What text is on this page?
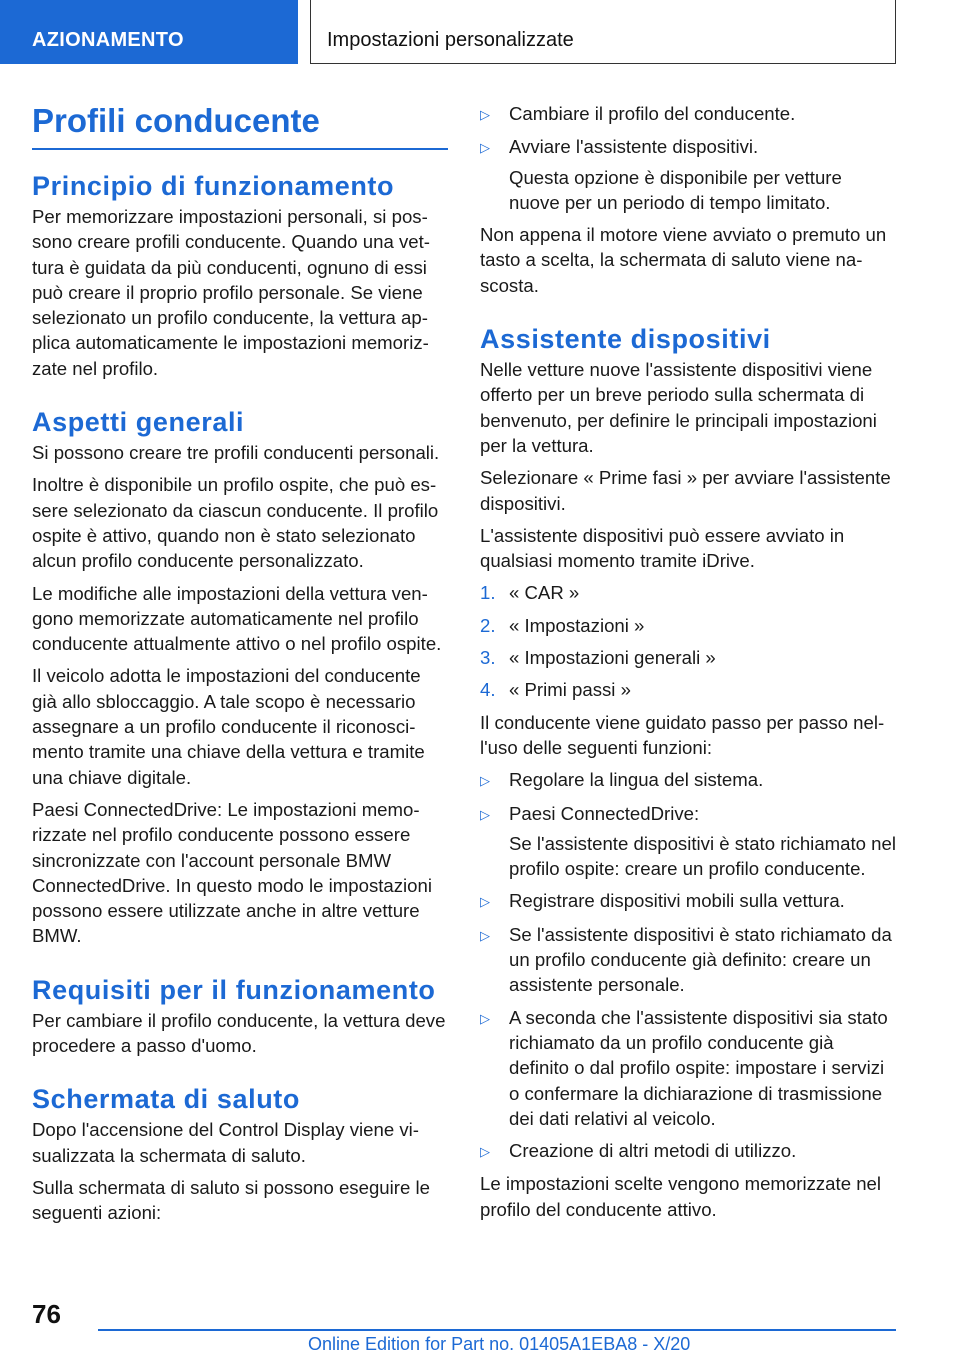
AZIONAMENTO	Impostazioni personalizzate
Profili conducente
Principio di funzionamento

Per memorizzare impostazioni personali, si possono creare profili conducente. Quando una vettura è guidata da più conducenti, ognuno di essi può creare il proprio profilo personale. Se viene selezionato un profilo conducente, la vettura applica automaticamente le impostazioni memorizzate nel profilo.

Aspetti generali

Si possono creare tre profili conducenti personali.

Inoltre è disponibile un profilo ospite, che può essere selezionato da ciascun conducente. Il profilo ospite è attivo, quando non è stato selezionato alcun profilo conducente personalizzato.

Le modifiche alle impostazioni della vettura vengono memorizzate automaticamente nel profilo conducente attualmente attivo o nel profilo ospite.

Il veicolo adotta le impostazioni del conducente già allo sbloccaggio. A tale scopo è necessario assegnare a un profilo conducente il riconoscimento tramite una chiave della vettura e tramite una chiave digitale.

Paesi ConnectedDrive: Le impostazioni memorizzate nel profilo conducente possono essere sincronizzate con l'account personale BMW ConnectedDrive. In questo modo le impostazioni possono essere utilizzate anche in altre vetture BMW.

Requisiti per il funzionamento

Per cambiare il profilo conducente, la vettura deve procedere a passo d'uomo.

Schermata di saluto

Dopo l'accensione del Control Display viene visualizzata la schermata di saluto.

Sulla schermata di saluto si possono eseguire le seguenti azioni:

▷	Cambiare il profilo del conducente.
▷	Avviare l'assistente dispositivi.
Questa opzione è disponibile per vetture nuove per un periodo di tempo limitato.

Non appena il motore viene avviato o premuto un tasto a scelta, la schermata di saluto viene nascosta.

Assistente dispositivi

Nelle vetture nuove l'assistente dispositivi viene offerto per un breve periodo sulla schermata di benvenuto, per definire le principali impostazioni per la vettura.

Selezionare « Prime fasi » per avviare l'assistente dispositivi.

L'assistente dispositivi può essere avviato in qualsiasi momento tramite iDrive.

1. « CAR »
2. « Impostazioni »
3. « Impostazioni generali »
4. « Primi passi »

Il conducente viene guidato passo per passo nell'uso delle seguenti funzioni:

▷	Regolare la lingua del sistema.
▷	Paesi ConnectedDrive:
Se l'assistente dispositivi è stato richiamato nel profilo ospite: creare un profilo conducente.
▷	Registrare dispositivi mobili sulla vettura.
▷	Se l'assistente dispositivi è stato richiamato da un profilo conducente già definito: creare un assistente personale.
▷	A seconda che l'assistente dispositivi sia stato richiamato da un profilo conducente già definito o dal profilo ospite: impostare i servizi o confermare la dichiarazione di trasmissione dei dati relativi al veicolo.
▷	Creazione di altri metodi di utilizzo.

Le impostazioni scelte vengono memorizzate nel profilo del conducente attivo.

76
Online Edition for Part no. 01405A1EBA8 - X/20
